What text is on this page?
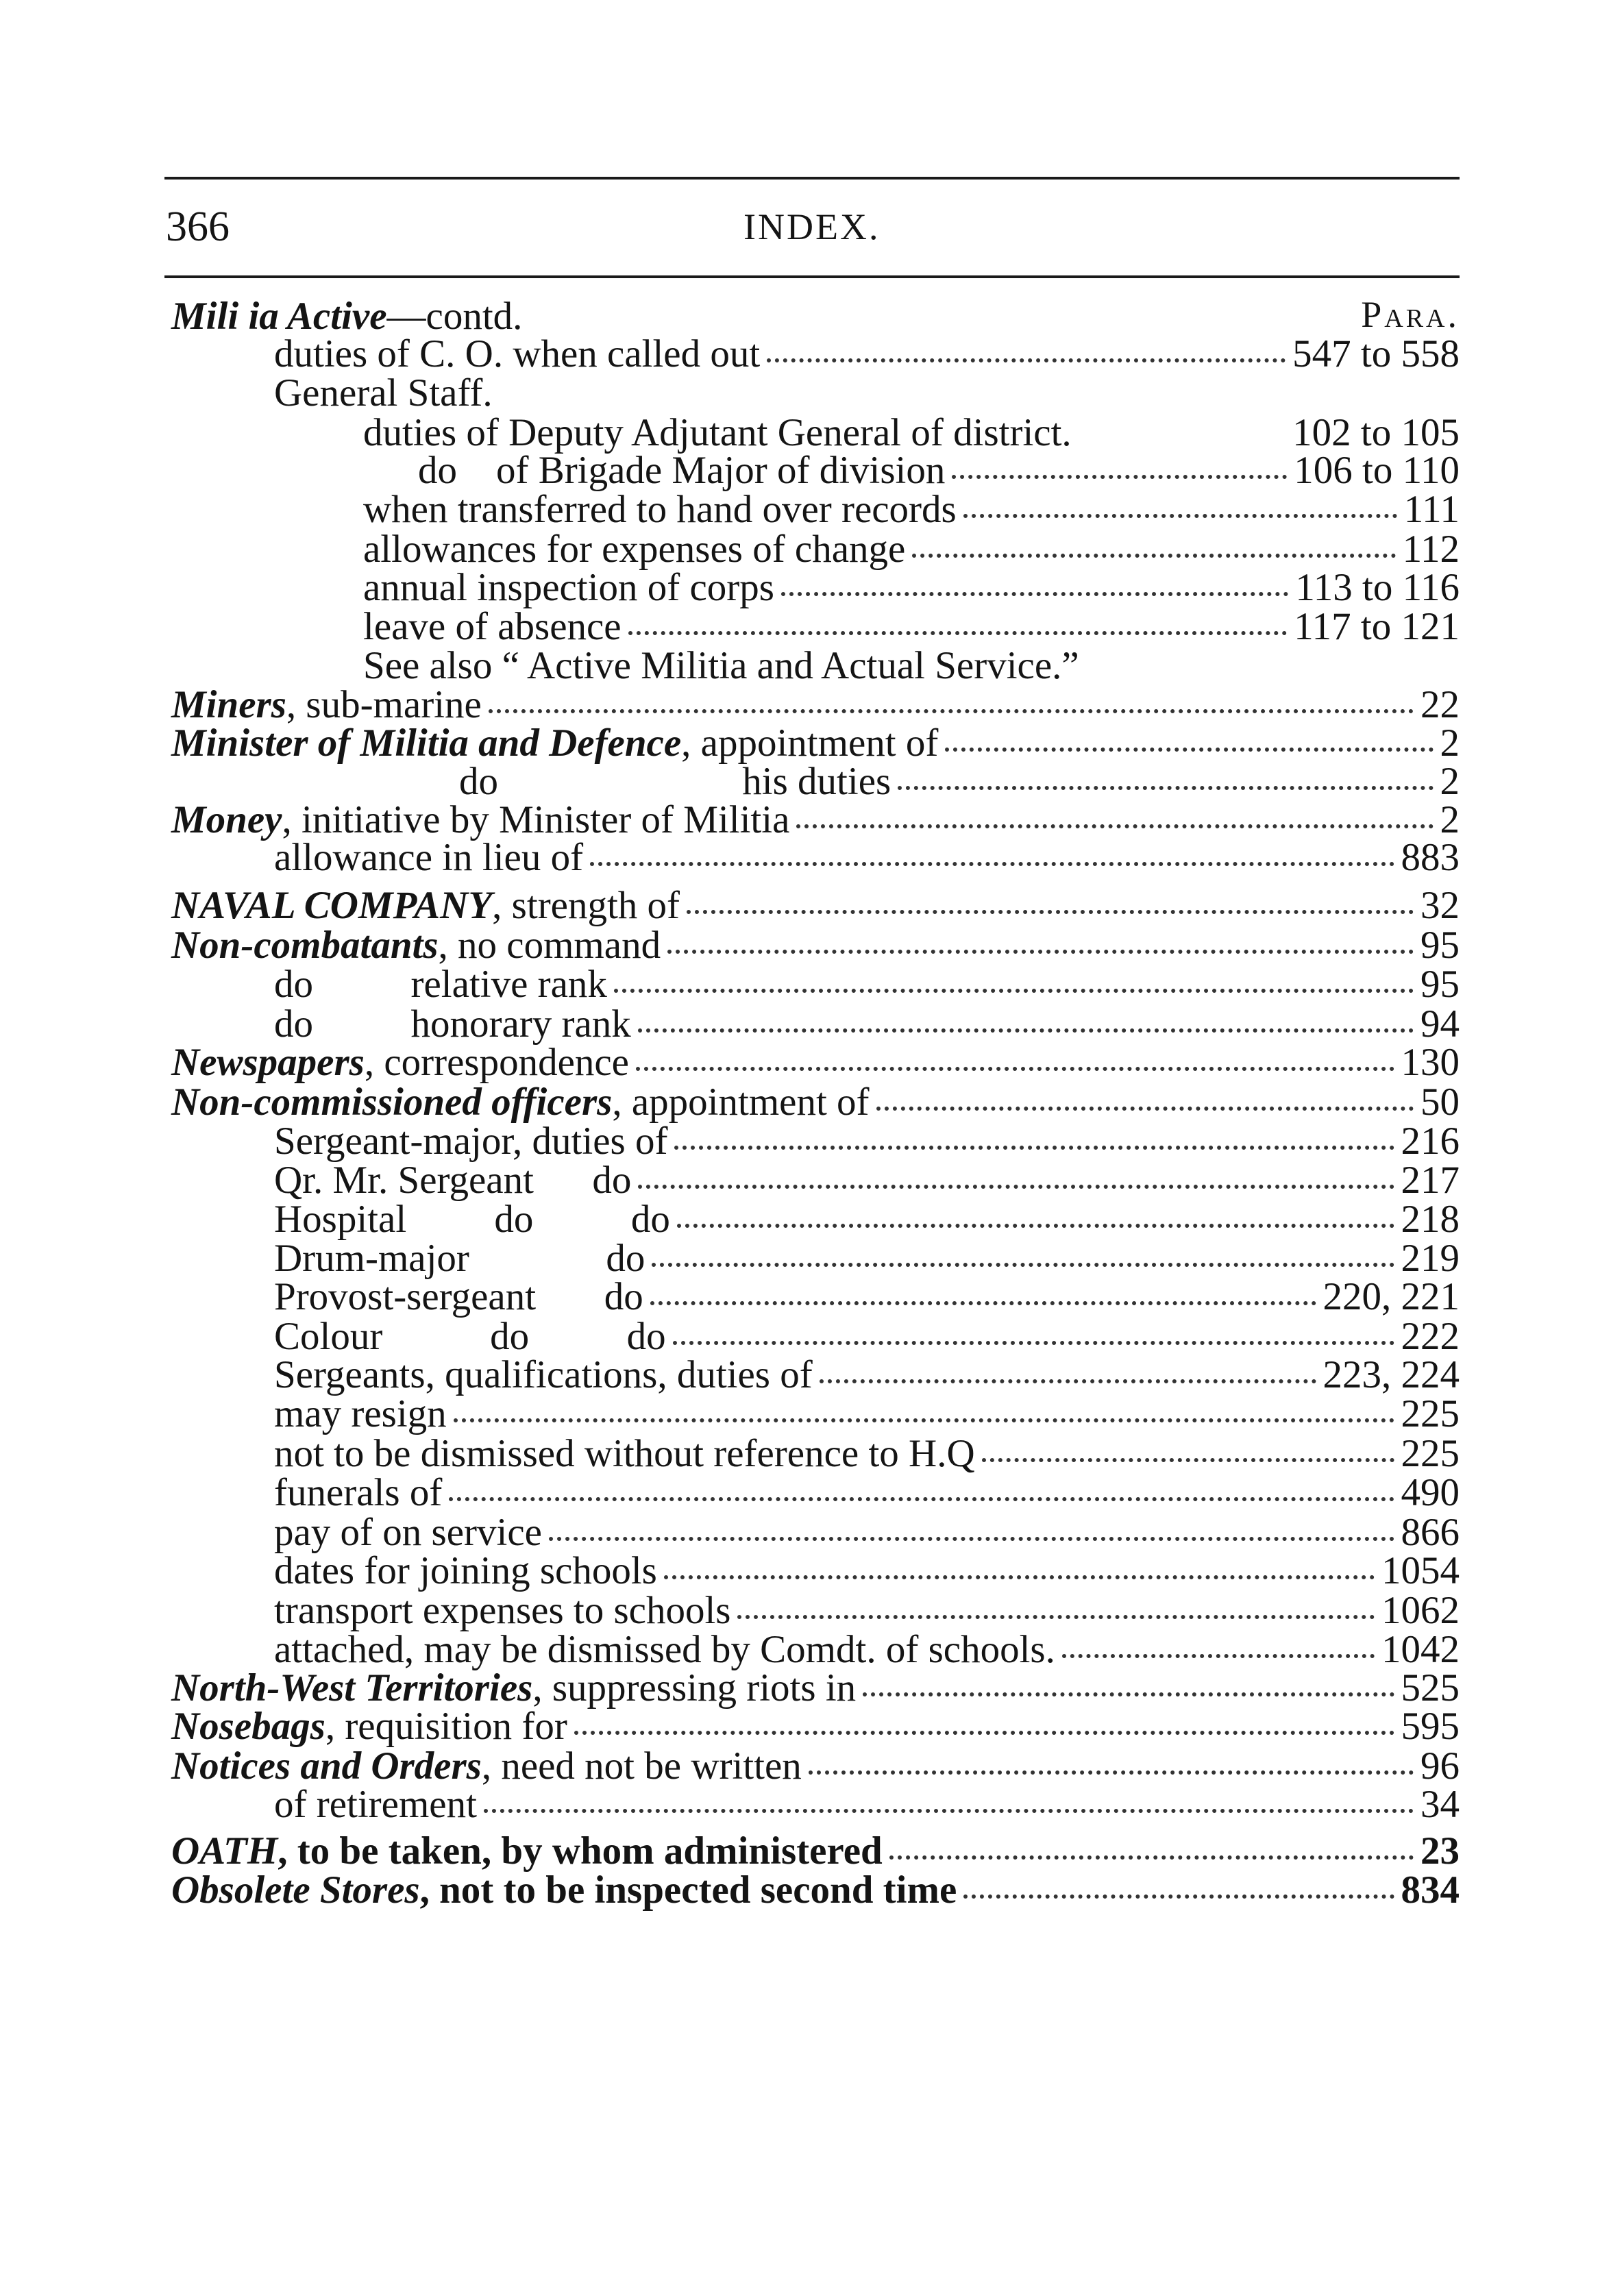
366	INDEX.
Para.
Mili ia Active—contd.
duties of C. O. when called out	547 to 558
General Staff.
duties of Deputy Adjutant General of district.	102 to 105
do    of Brigade Major of division	106 to 110
when transferred to hand over records	111
allowances for expenses of change	112
annual inspection of corps	113 to 116
leave of absence	117 to 121
See also “ Active Militia and Actual Service.”
Miners, sub-marine	22
Minister of Militia and Defence, appointment of	2
do                         his duties	2
Money, initiative by Minister of Militia	2
allowance in lieu of	883
NAVAL COMPANY, strength of	32
Non-combatants, no command	95
do          relative rank	95
do          honorary rank	94
Newspapers, correspondence	130
Non-commissioned officers, appointment of	50
Sergeant-major, duties of	216
Qr. Mr. Sergeant      do	217
Hospital         do          do	218
Drum-major              do	219
Provost-sergeant       do	220, 221
Colour           do          do	222
Sergeants, qualifications, duties of	223, 224
may resign	225
not to be dismissed without reference to H.Q	225
funerals of	490
pay of on service	866
dates for joining schools	1054
transport expenses to schools	1062
attached, may be dismissed by Comdt. of schools.	1042
North-West Territories, suppressing riots in	525
Nosebags, requisition for	595
Notices and Orders, need not be written	96
of retirement	34
OATH, to be taken, by whom administered	23
Obsolete Stores, not to be inspected second time	834
